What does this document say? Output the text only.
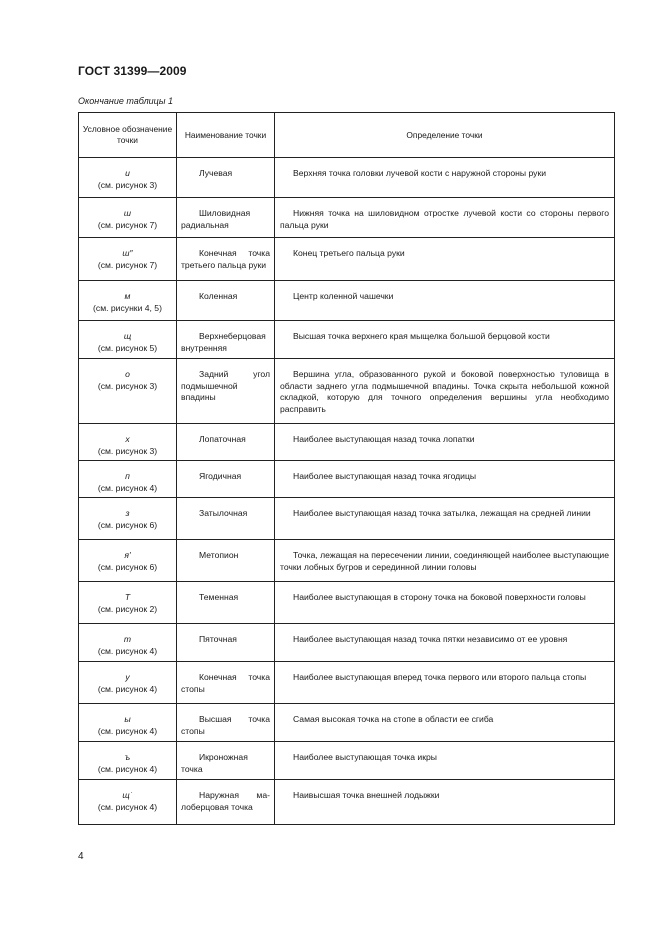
ГОСТ 31399—2009
Окончание таблицы 1
Условное обозначение точки	Наименование точки	Определение точки

и
(см. рисунок 3)	Лучевая	Верхняя точка головки лучевой кости с наружной стороны руки

ш
(см. рисунок 7)	Шиловидная радиальная	Нижняя точка на шиловидном отростке лучевой кости со стороны первого пальца руки

ш″
(см. рисунок 7)	Конечная точка третьего пальца руки	Конец третьего пальца руки

м
(см. рисунки 4, 5)	Коленная	Центр коленной чашечки

щ
(см. рисунок 5)	Верхнеберцовая внутренняя	Высшая точка верхнего края мыщелка большой берцовой кости

о
(см. рисунок 3)	Задний угол подмышечной впадины	Вершина угла, образованного рукой и боковой поверхностью туловища в области заднего угла подмышечной впадины. Точка скрыта небольшой кожной складкой, которую для точного определения вершины угла необходимо расправить

х
(см. рисунок 3)	Лопаточная	Наиболее выступающая назад точка лопатки

п
(см. рисунок 4)	Ягодичная	Наиболее выступающая назад точка ягодицы

з
(см. рисунок 6)	Затылочная	Наиболее выступающая назад точка затылка, лежащая на средней линии

я'
(см. рисунок 6)	Метопион	Точка, лежащая на пересечении линии, соединяющей наиболее выступающие точки лобных бугров и серединной линии головы

Т
(см. рисунок 2)	Теменная	Наиболее выступающая в сторону точка на боковой поверхности головы

т
(см. рисунок 4)	Пяточная	Наиболее выступающая назад точка пятки независимо от ее уровня

у
(см. рисунок 4)	Конечная точка стопы	Наиболее выступающая вперед точка первого или второго пальца стопы

ы
(см. рисунок 4)	Высшая точка стопы	Самая высокая точка на стопе в области ее сгиба

ъ
(см. рисунок 4)	Икроножная точка	Наиболее выступающая точка икры

щ˙
(см. рисунок 4)	Наружная малоберцовая точка	Наивысшая точка внешней лодыжки
4
